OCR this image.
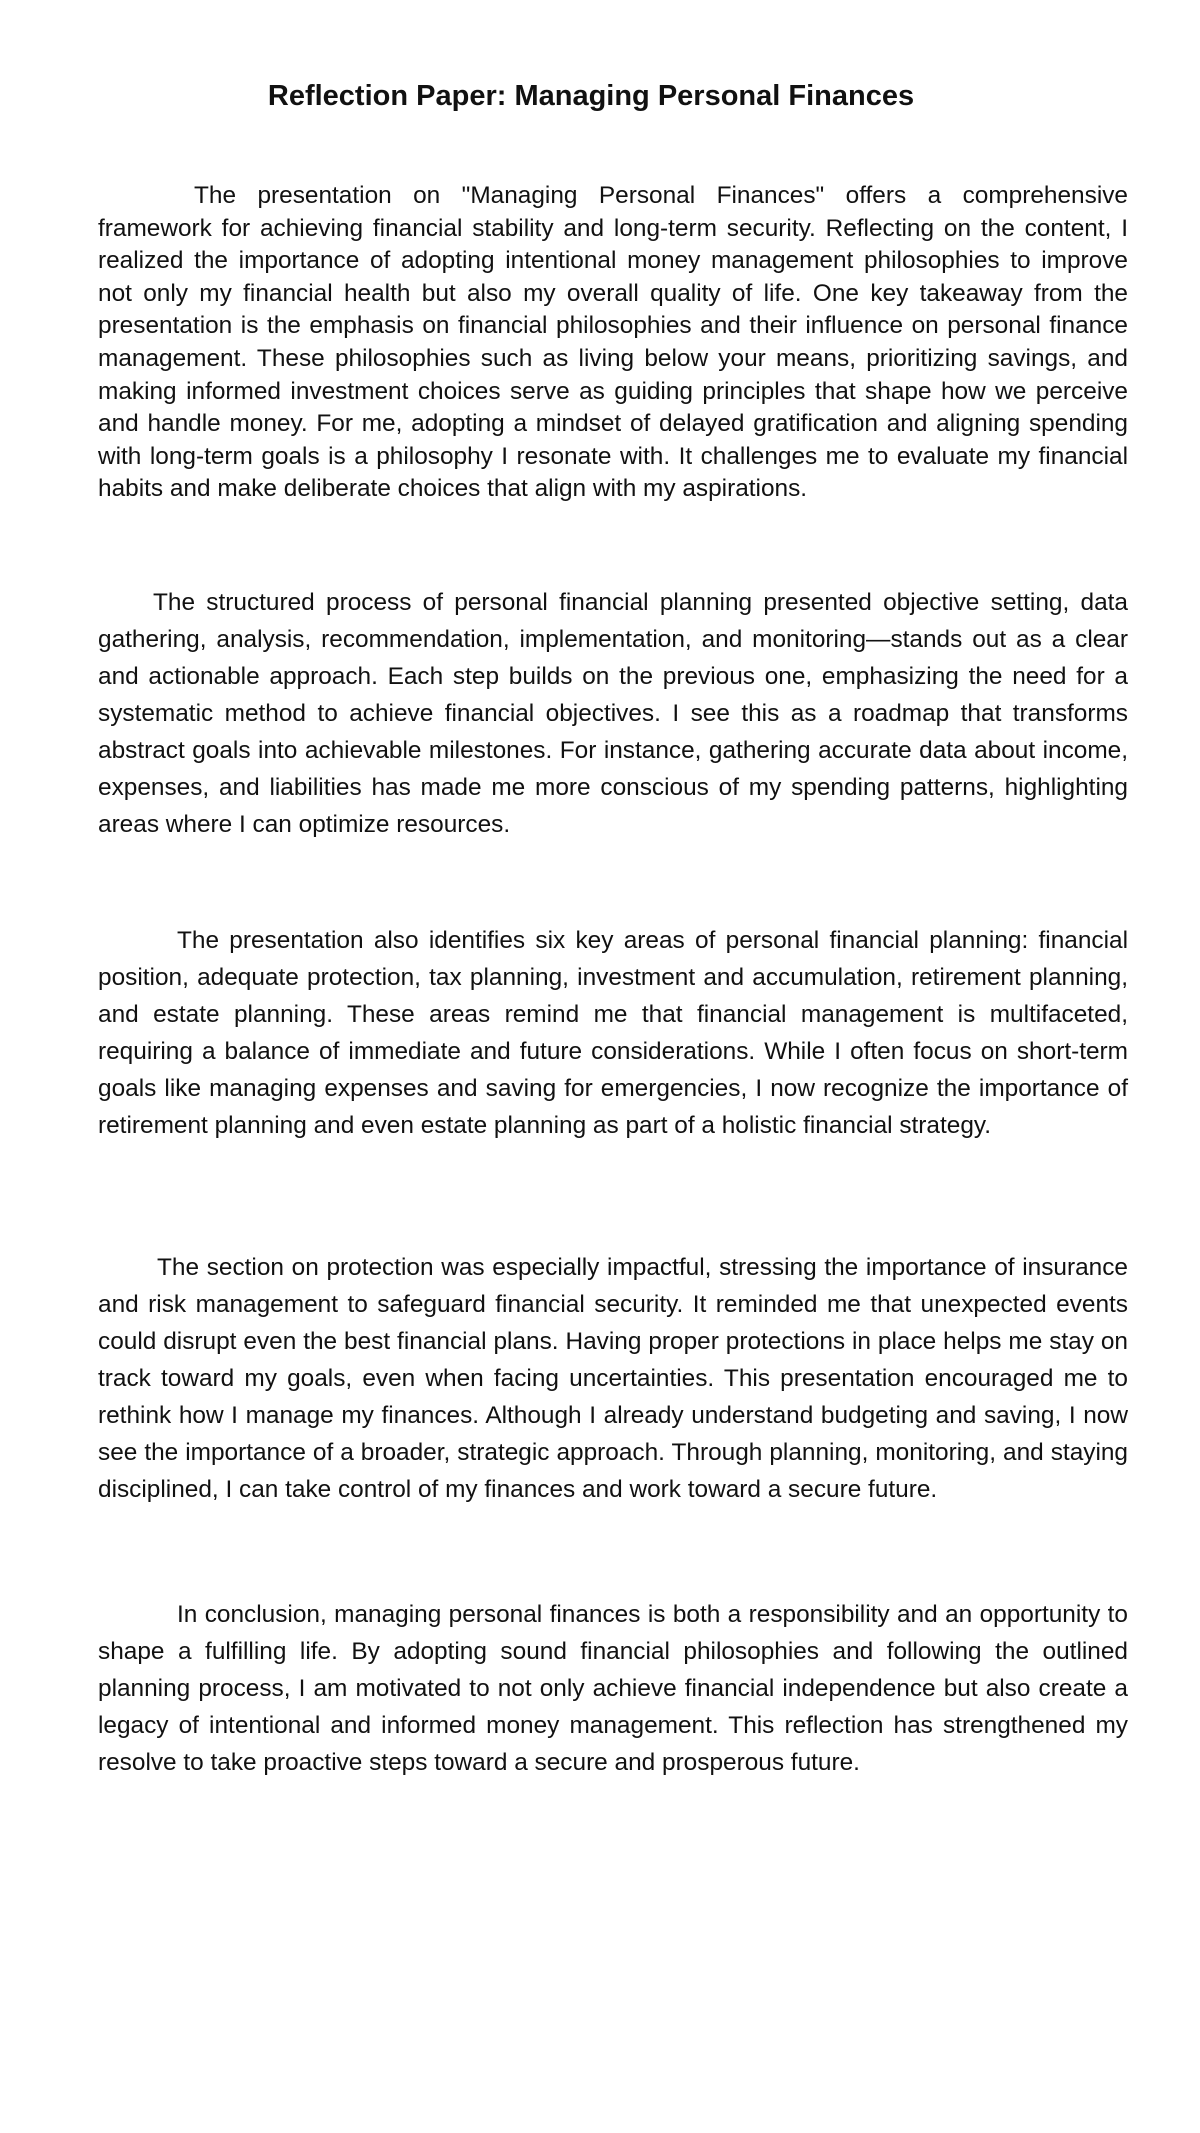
Reflection Paper: Managing Personal Finances

The presentation on "Managing Personal Finances" offers a comprehensive framework for achieving financial stability and long-term security. Reflecting on the content, I realized the importance of adopting intentional money management philosophies to improve not only my financial health but also my overall quality of life. One key takeaway from the presentation is the emphasis on financial philosophies and their influence on personal finance management. These philosophies such as living below your means, prioritizing savings, and making informed investment choices serve as guiding principles that shape how we perceive and handle money. For me, adopting a mindset of delayed gratification and aligning spending with long-term goals is a philosophy I resonate with. It challenges me to evaluate my financial habits and make deliberate choices that align with my aspirations.

The structured process of personal financial planning presented objective setting, data gathering, analysis, recommendation, implementation, and monitoring—stands out as a clear and actionable approach. Each step builds on the previous one, emphasizing the need for a systematic method to achieve financial objectives. I see this as a roadmap that transforms abstract goals into achievable milestones. For instance, gathering accurate data about income, expenses, and liabilities has made me more conscious of my spending patterns, highlighting areas where I can optimize resources.

The presentation also identifies six key areas of personal financial planning: financial position, adequate protection, tax planning, investment and accumulation, retirement planning, and estate planning. These areas remind me that financial management is multifaceted, requiring a balance of immediate and future considerations. While I often focus on short-term goals like managing expenses and saving for emergencies, I now recognize the importance of retirement planning and even estate planning as part of a holistic financial strategy.

The section on protection was especially impactful, stressing the importance of insurance and risk management to safeguard financial security. It reminded me that unexpected events could disrupt even the best financial plans. Having proper protections in place helps me stay on track toward my goals, even when facing uncertainties. This presentation encouraged me to rethink how I manage my finances. Although I already understand budgeting and saving, I now see the importance of a broader, strategic approach. Through planning, monitoring, and staying disciplined, I can take control of my finances and work toward a secure future.

In conclusion, managing personal finances is both a responsibility and an opportunity to shape a fulfilling life. By adopting sound financial philosophies and following the outlined planning process, I am motivated to not only achieve financial independence but also create a legacy of intentional and informed money management. This reflection has strengthened my resolve to take proactive steps toward a secure and prosperous future.
